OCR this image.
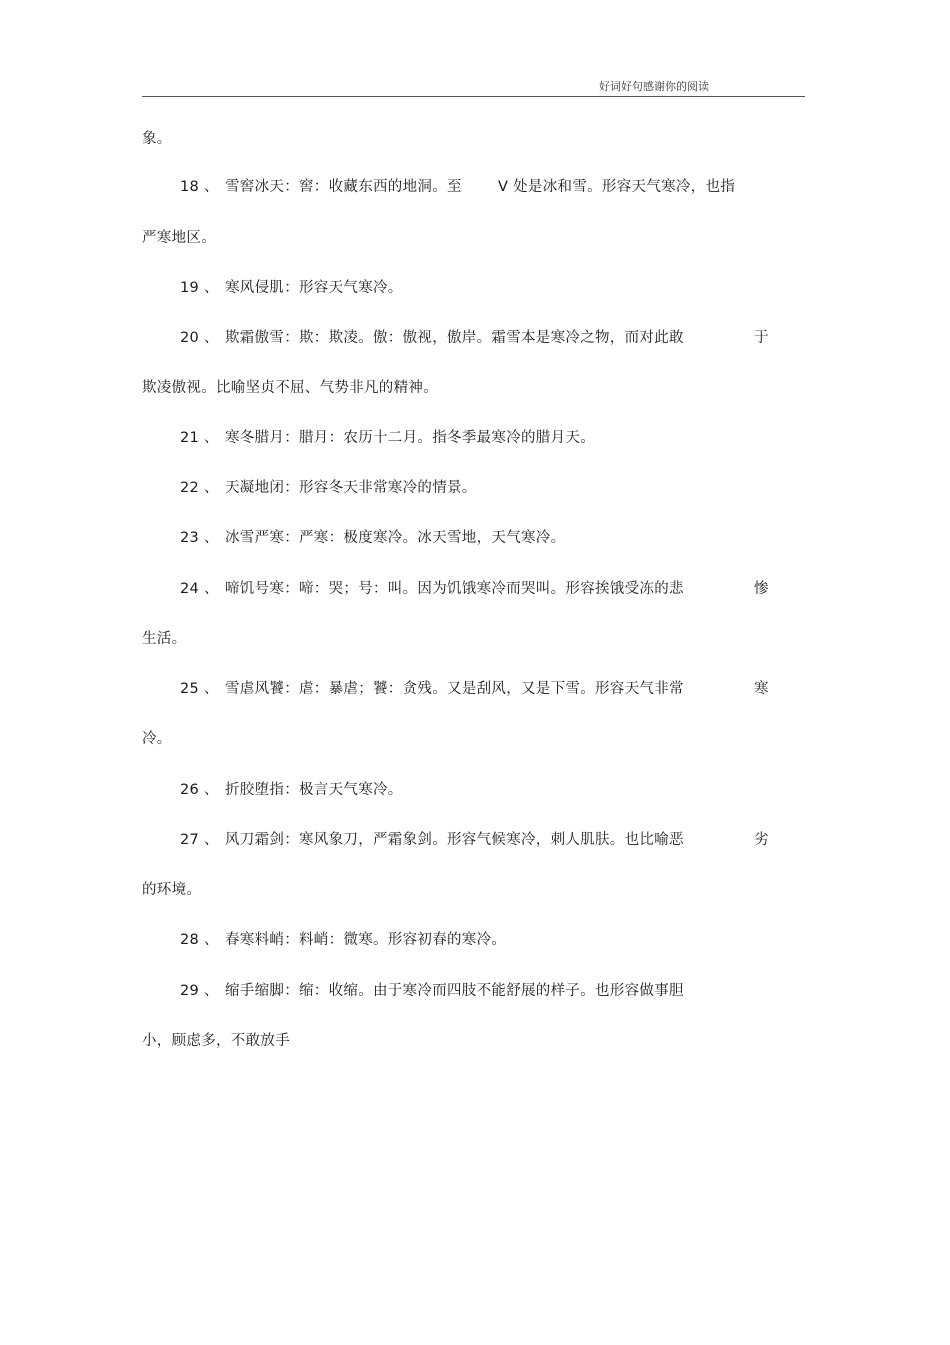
好词好句感谢你的阅读
象。
18 、 雪窖冰天：窖：收藏东西的地洞。至 V 处是冰和雪。形容天气寒冷，也指
严寒地区。
19 、 寒风侵肌：形容天气寒冷。
20 、 欺霜傲雪：欺：欺凌。傲：傲视，傲岸。霜雪本是寒冷之物，而对此敢	于
欺凌傲视。比喻坚贞不屈、气势非凡的精神。
21 、 寒冬腊月：腊月：农历十二月。指冬季最寒冷的腊月天。
22 、 天凝地闭：形容冬天非常寒冷的情景。
23 、 冰雪严寒：严寒：极度寒冷。冰天雪地，天气寒冷。
24 、 啼饥号寒：啼：哭；号：叫。因为饥饿寒冷而哭叫。形容挨饿受冻的悲	惨
生活。
25 、 雪虐风饕：虐：暴虐；饕：贪残。又是刮风，又是下雪。形容天气非常	寒
冷。
26 、 折胶堕指：极言天气寒冷。
27 、 风刀霜剑：寒风象刀，严霜象剑。形容气候寒冷，刺人肌肤。也比喻恶	劣
的环境。
28 、 春寒料峭：料峭：微寒。形容初春的寒冷。
29 、 缩手缩脚：缩：收缩。由于寒冷而四肢不能舒展的样子。也形容做事胆
小，顾虑多，不敢放手
